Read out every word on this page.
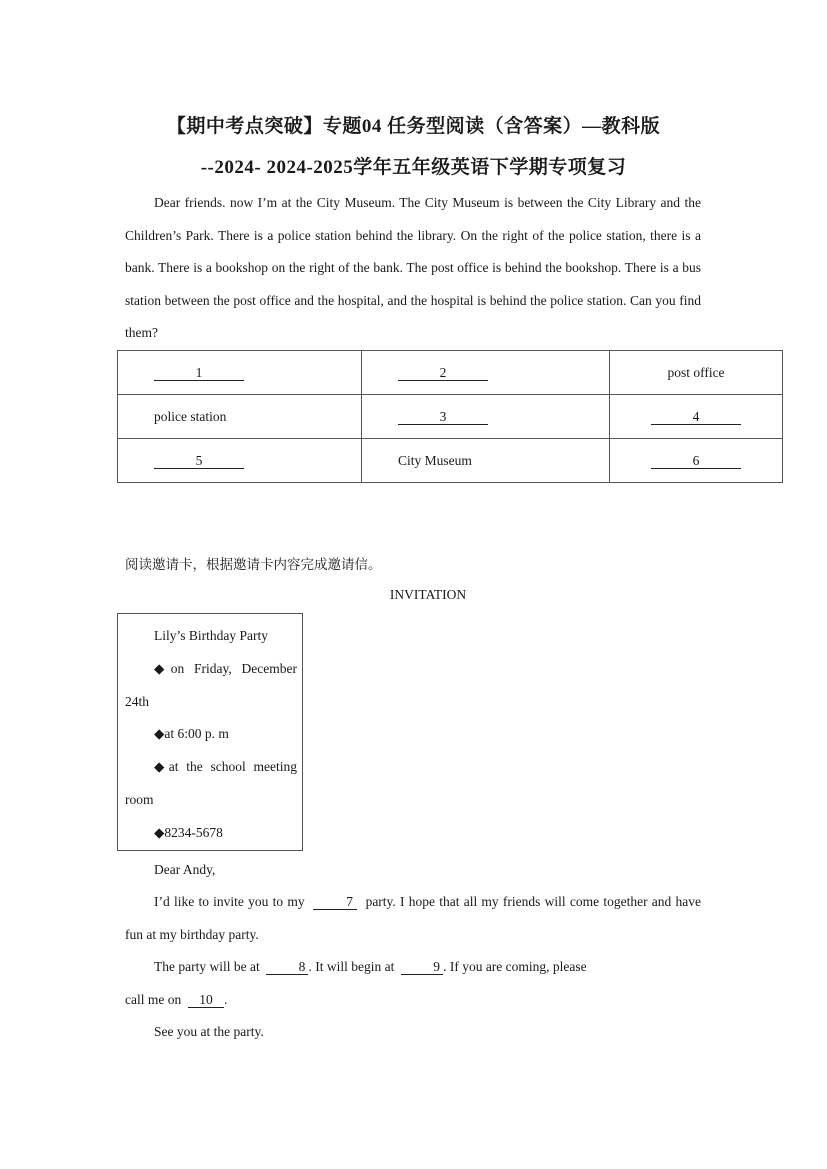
【期中考点突破】专题04 任务型阅读（含答案）—教科版
--2024- 2024-2025学年五年级英语下学期专项复习
Dear friends. now I’m at the City Museum. The City Museum is between the City Library and the Children’s Park. There is a police station behind the library. On the right of the police station, there is a bank. There is a bookshop on the right of the bank. The post office is behind the bookshop. There is a bus station between the post office and the hospital, and the hospital is behind the police station. Can you find them?
1	2	post office
police station	3	4
5	City Museum	6
阅读邀请卡，根据邀请卡内容完成邀请信。
INVITATION
Lily’s Birthday Party
◆on Friday, December 24th
◆at 6:00 p. m
◆at the school meeting room
◆8234-5678
Dear Andy,
I’d like to invite you to my	7 party. I hope that all my friends will come together and have fun at my birthday party.
The party will be at	8 . It will begin at	9 . If you are coming, please
call me on 10 .
See you at the party.
